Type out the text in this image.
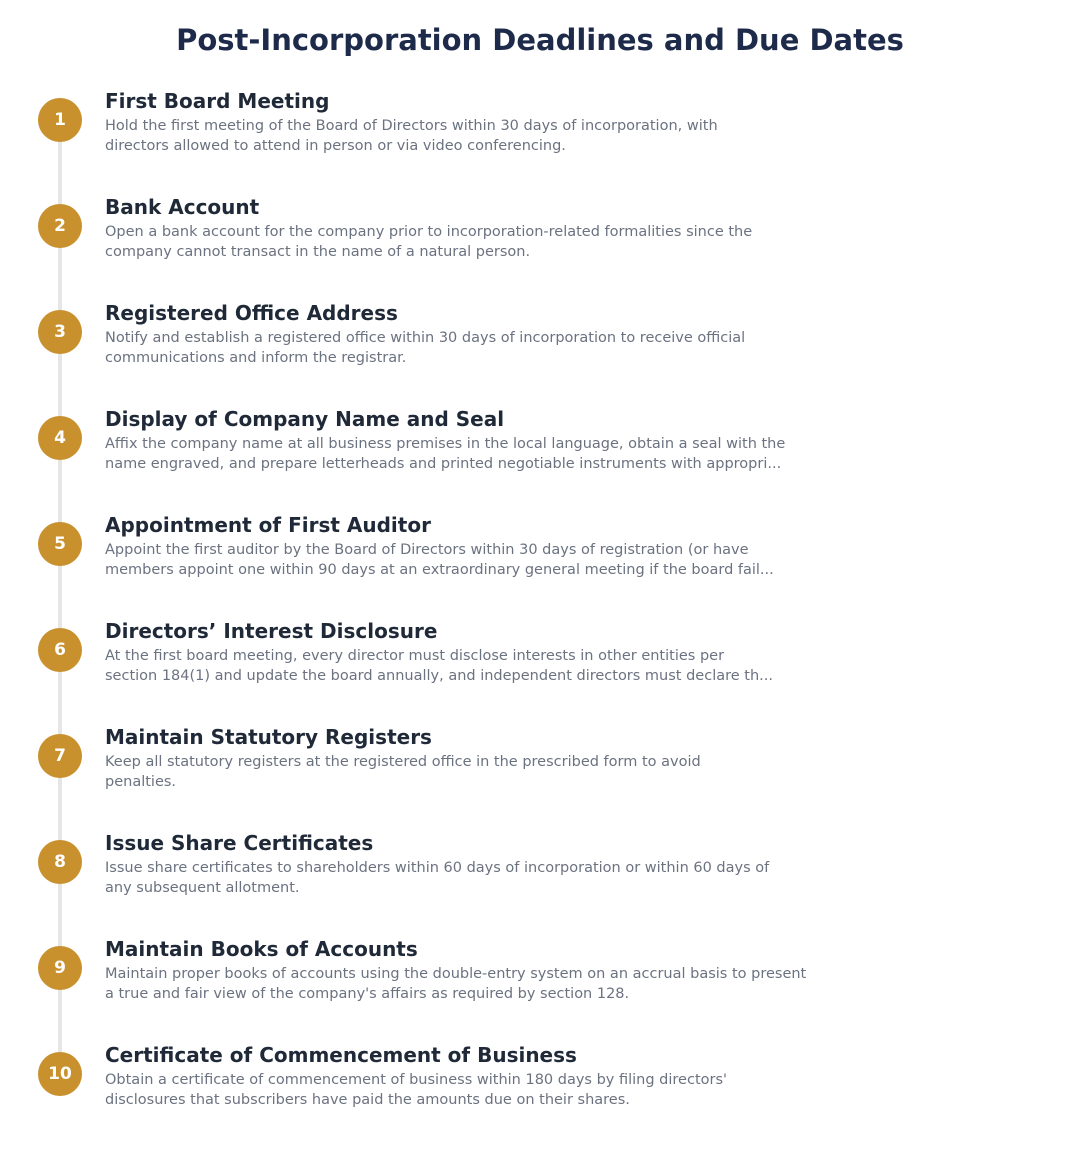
Post-Incorporation Deadlines and Due Dates
1
First Board Meeting

Hold the first meeting of the Board of Directors within 30 days of incorporation, with
directors allowed to attend in person or via video conferencing.

2
Bank Account

Open a bank account for the company prior to incorporation-related formalities since the
company cannot transact in the name of a natural person.

3
Registered Office Address

Notify and establish a registered office within 30 days of incorporation to receive official
communications and inform the registrar.

4
Display of Company Name and Seal

Affix the company name at all business premises in the local language, obtain a seal with the
name engraved, and prepare letterheads and printed negotiable instruments with appropri...

5
Appointment of First Auditor

Appoint the first auditor by the Board of Directors within 30 days of registration (or have
members appoint one within 90 days at an extraordinary general meeting if the board fail...

6
Directors’ Interest Disclosure

At the first board meeting, every director must disclose interests in other entities per
section 184(1) and update the board annually, and independent directors must declare th...

7
Maintain Statutory Registers

Keep all statutory registers at the registered office in the prescribed form to avoid
penalties.

8
Issue Share Certificates

Issue share certificates to shareholders within 60 days of incorporation or within 60 days of
any subsequent allotment.

9
Maintain Books of Accounts

Maintain proper books of accounts using the double-entry system on an accrual basis to present
a true and fair view of the company's affairs as required by section 128.

10
Certificate of Commencement of Business

Obtain a certificate of commencement of business within 180 days by filing directors'
disclosures that subscribers have paid the amounts due on their shares.
